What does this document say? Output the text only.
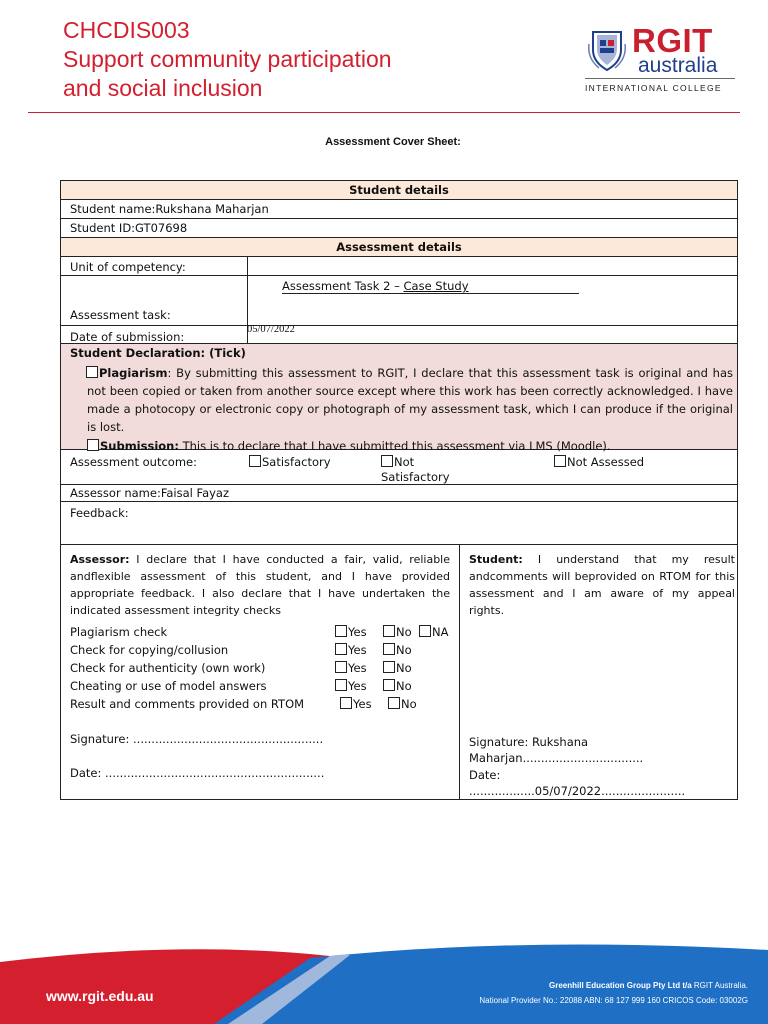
CHCDIS003
Support community participation
and social inclusion
RGIT
australia
INTERNATIONAL COLLEGE
Assessment Cover Sheet:
Student details
Student name:Rukshana Maharjan
Student ID:GT07698
Assessment details
Unit of competency:
Assessment task:
Assessment Task 2 – Case Study
Date of submission:
05/07/2022
Student Declaration: (Tick)

Plagiarism: By submitting this assessment to RGIT, I declare that this assessment task is original and has not been copied or taken from another source except where this work has been correctly acknowledged. I have made a photocopy or electronic copy or photograph of my assessment task, which I can produce if the original is lost.

Submission: This is to declare that I have submitted this assessment via LMS (Moodle).

Assessment outcome:	Satisfactory	Not
Satisfactory
Not Assessed
Assessor name:Faisal Fayaz
Feedback:
Assessor: I declare that I have conducted a fair, valid, reliable andflexible assessment of this student, and I have provided appropriate feedback. I also declare that I have undertaken the indicated assessment integrity checks
Plagiarism check	Yes	No	NA
Check for copying/collusion	Yes	No
Check for authenticity (own work)	Yes	No
Cheating or use of model answers	Yes	No
Result and comments provided on RTOM	Yes	No
Signature: ....................................................
Date: ............................................................
Student: I understand that my result andcomments will beprovided on RTOM for this assessment and I am aware of my appeal rights.
Signature: Rukshana
Maharjan.................................
Date:
..................05/07/2022.......................
www.rgit.edu.au
Greenhill Education Group Pty Ltd t/a RGIT Australia.
National Provider No.: 22088 ABN: 68 127 999 160 CRICOS Code: 03002G
